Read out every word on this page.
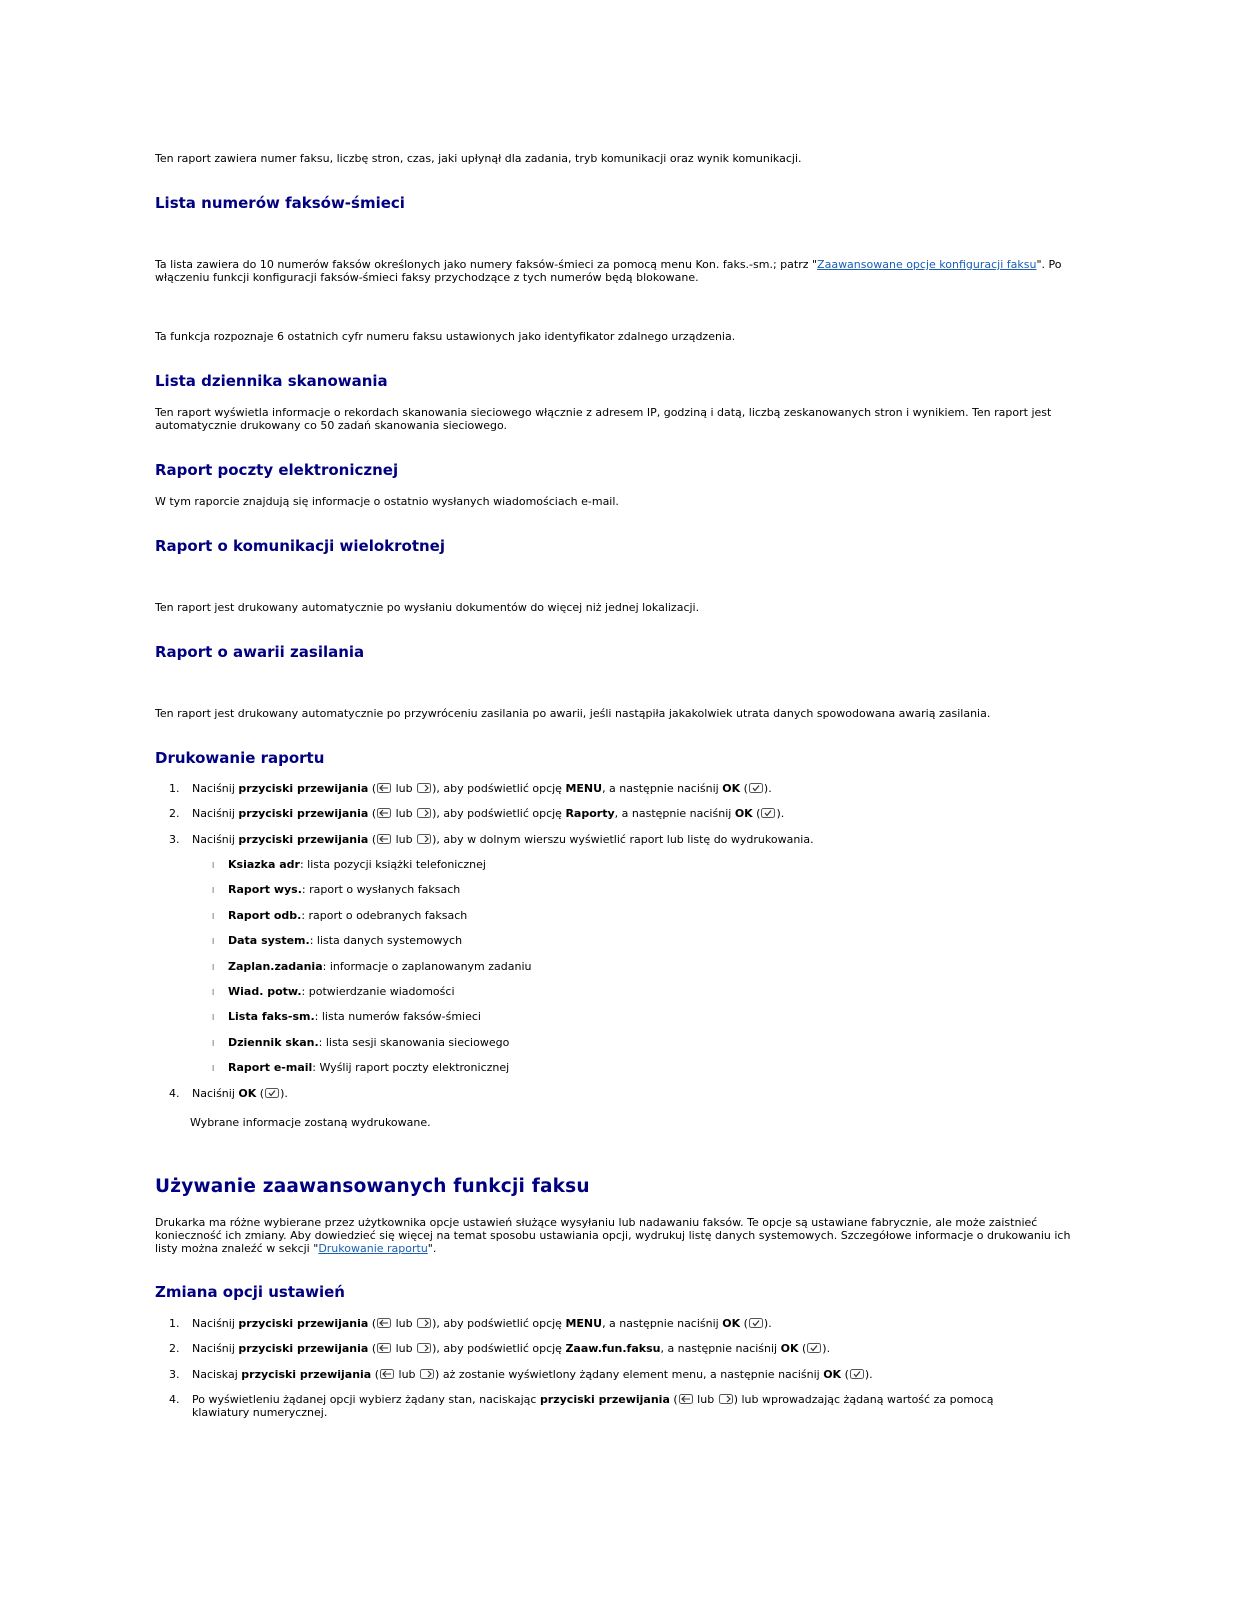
Ten raport zawiera numer faksu, liczbę stron, czas, jaki upłynął dla zadania, tryb komunikacji oraz wynik komunikacji.

Lista numerów faksów-śmieci

Ta lista zawiera do 10 numerów faksów określonych jako numery faksów-śmieci za pomocą menu Kon. faks.-sm.; patrz "Zaawansowane opcje konfiguracji faksu". Po włączeniu funkcji konfiguracji faksów-śmieci faksy przychodzące z tych numerów będą blokowane.

Ta funkcja rozpoznaje 6 ostatnich cyfr numeru faksu ustawionych jako identyfikator zdalnego urządzenia.

Lista dziennika skanowania

Ten raport wyświetla informacje o rekordach skanowania sieciowego włącznie z adresem IP, godziną i datą, liczbą zeskanowanych stron i wynikiem. Ten raport jest automatycznie drukowany co 50 zadań skanowania sieciowego.

Raport poczty elektronicznej

W tym raporcie znajdują się informacje o ostatnio wysłanych wiadomościach e-mail.

Raport o komunikacji wielokrotnej

Ten raport jest drukowany automatycznie po wysłaniu dokumentów do więcej niż jednej lokalizacji.

Raport o awarii zasilania

Ten raport jest drukowany automatycznie po przywróceniu zasilania po awarii, jeśli nastąpiła jakakolwiek utrata danych spowodowana awarią zasilania.

Drukowanie raportu
1. Naciśnij przyciski przewijania (
lub
), aby podświetlić opcję MENU, a następnie naciśnij OK ( ).
2. Naciśnij przyciski przewijania (
lub
), aby podświetlić opcję Raporty, a następnie naciśnij OK ( ).
3. Naciśnij przyciski przewijania (
lub
), aby w dolnym wierszu wyświetlić raport lub listę do wydrukowania.
4. Naciśnij OK ( ).
l Ksiazka adr: lista pozycji książki telefonicznej
l Raport wys.: raport o wysłanych faksach
l Raport odb.: raport o odebranych faksach
l Data system.: lista danych systemowych
l Zaplan.zadania: informacje o zaplanowanym zadaniu
l Wiad. potw.: potwierdzanie wiadomości
l Lista faks-sm.: lista numerów faksów-śmieci
l Dziennik skan.: lista sesji skanowania sieciowego
l Raport e-mail: Wyślij raport poczty elektronicznej

Wybrane informacje zostaną wydrukowane.

Używanie zaawansowanych funkcji faksu

Drukarka ma różne wybierane przez użytkownika opcje ustawień służące wysyłaniu lub nadawaniu faksów. Te opcje są ustawiane fabrycznie, ale może zaistnieć konieczność ich zmiany. Aby dowiedzieć się więcej na temat sposobu ustawiania opcji, wydrukuj listę danych systemowych. Szczegółowe informacje o drukowaniu ich listy można znaleźć w sekcji "Drukowanie raportu".

Zmiana opcji ustawień
1. Naciśnij przyciski przewijania (
lub
), aby podświetlić opcję MENU, a następnie naciśnij OK ( ).
2. Naciśnij przyciski przewijania (
lub
), aby podświetlić opcję Zaaw.fun.faksu, a następnie naciśnij OK ( ).
3. Naciskaj przyciski przewijania (
lub
) aż zostanie wyświetlony żądany element menu, a następnie naciśnij OK ( ).
4. Po wyświetleniu żądanej opcji wybierz żądany stan, naciskając przyciski przewijania (
lub
) lub wprowadzając żądaną wartość za pomocą klawiatury numerycznej.
